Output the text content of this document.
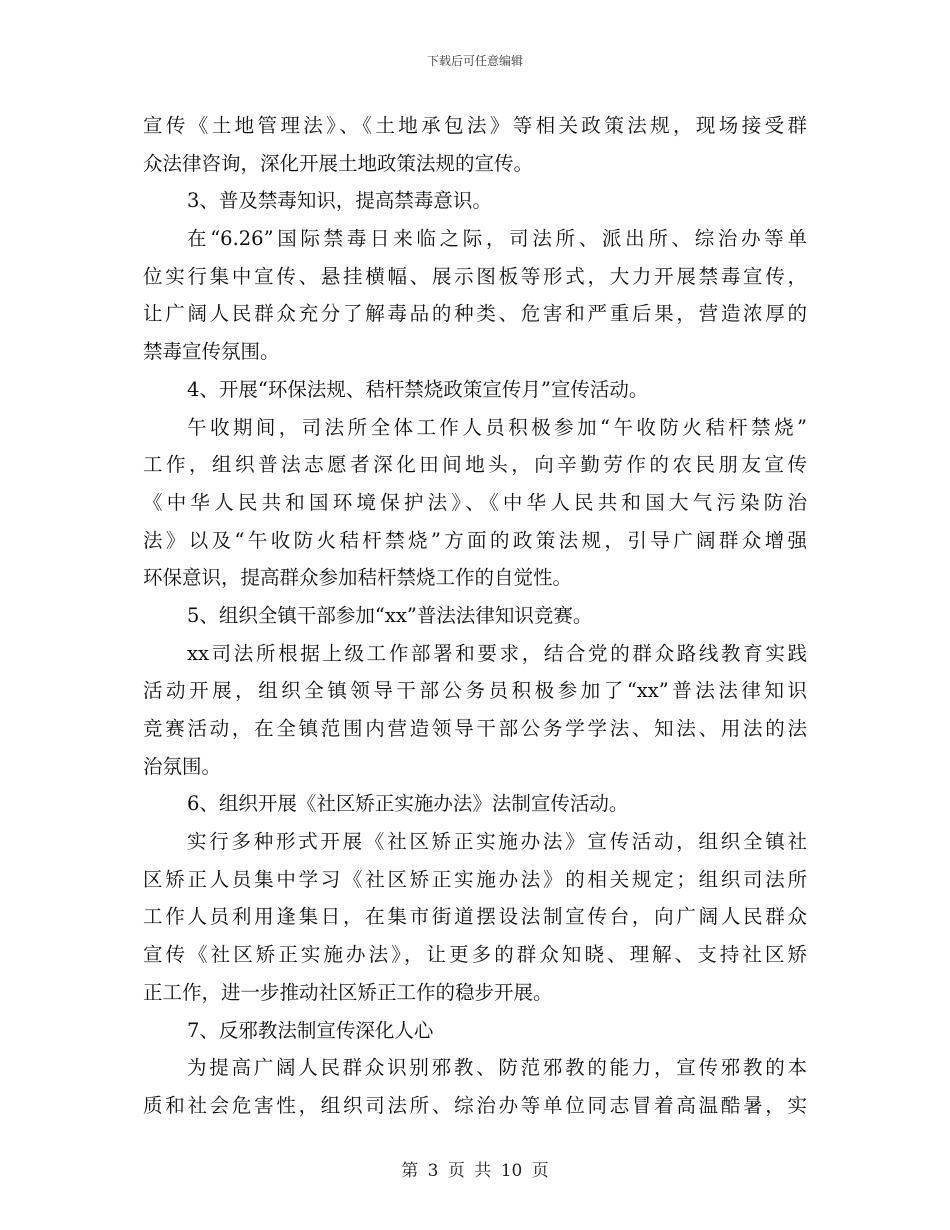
下载后可任意编辑
宣传《土地管理法》、《土地承包法》等相关政策法规，现场接受群
众法律咨询，深化开展土地政策法规的宣传。
3、普及禁毒知识，提高禁毒意识。
在“6.26”国际禁毒日来临之际，司法所、派出所、综治办等单
位实行集中宣传、悬挂横幅、展示图板等形式，大力开展禁毒宣传，
让广阔人民群众充分了解毒品的种类、危害和严重后果，营造浓厚的
禁毒宣传氛围。
4、开展“环保法规、秸杆禁烧政策宣传月”宣传活动。
午收期间，司法所全体工作人员积极参加“午收防火秸杆禁烧”
工作，组织普法志愿者深化田间地头，向辛勤劳作的农民朋友宣传
《中华人民共和国环境保护法》、《中华人民共和国大气污染防治
法》以及“午收防火秸杆禁烧”方面的政策法规，引导广阔群众增强
环保意识，提高群众参加秸杆禁烧工作的自觉性。
5、组织全镇干部参加“xx”普法法律知识竞赛。
xx司法所根据上级工作部署和要求，结合党的群众路线教育实践
活动开展，组织全镇领导干部公务员积极参加了“xx”普法法律知识
竞赛活动，在全镇范围内营造领导干部公务学学法、知法、用法的法
治氛围。
6、组织开展《社区矫正实施办法》法制宣传活动。
实行多种形式开展《社区矫正实施办法》宣传活动，组织全镇社
区矫正人员集中学习《社区矫正实施办法》的相关规定；组织司法所
工作人员利用逢集日，在集市街道摆设法制宣传台，向广阔人民群众
宣传《社区矫正实施办法》，让更多的群众知晓、理解、支持社区矫
正工作，进一步推动社区矫正工作的稳步开展。
7、反邪教法制宣传深化人心
为提高广阔人民群众识别邪教、防范邪教的能力，宣传邪教的本
质和社会危害性，组织司法所、综治办等单位同志冒着高温酷暑，实
第 3 页 共 10 页
